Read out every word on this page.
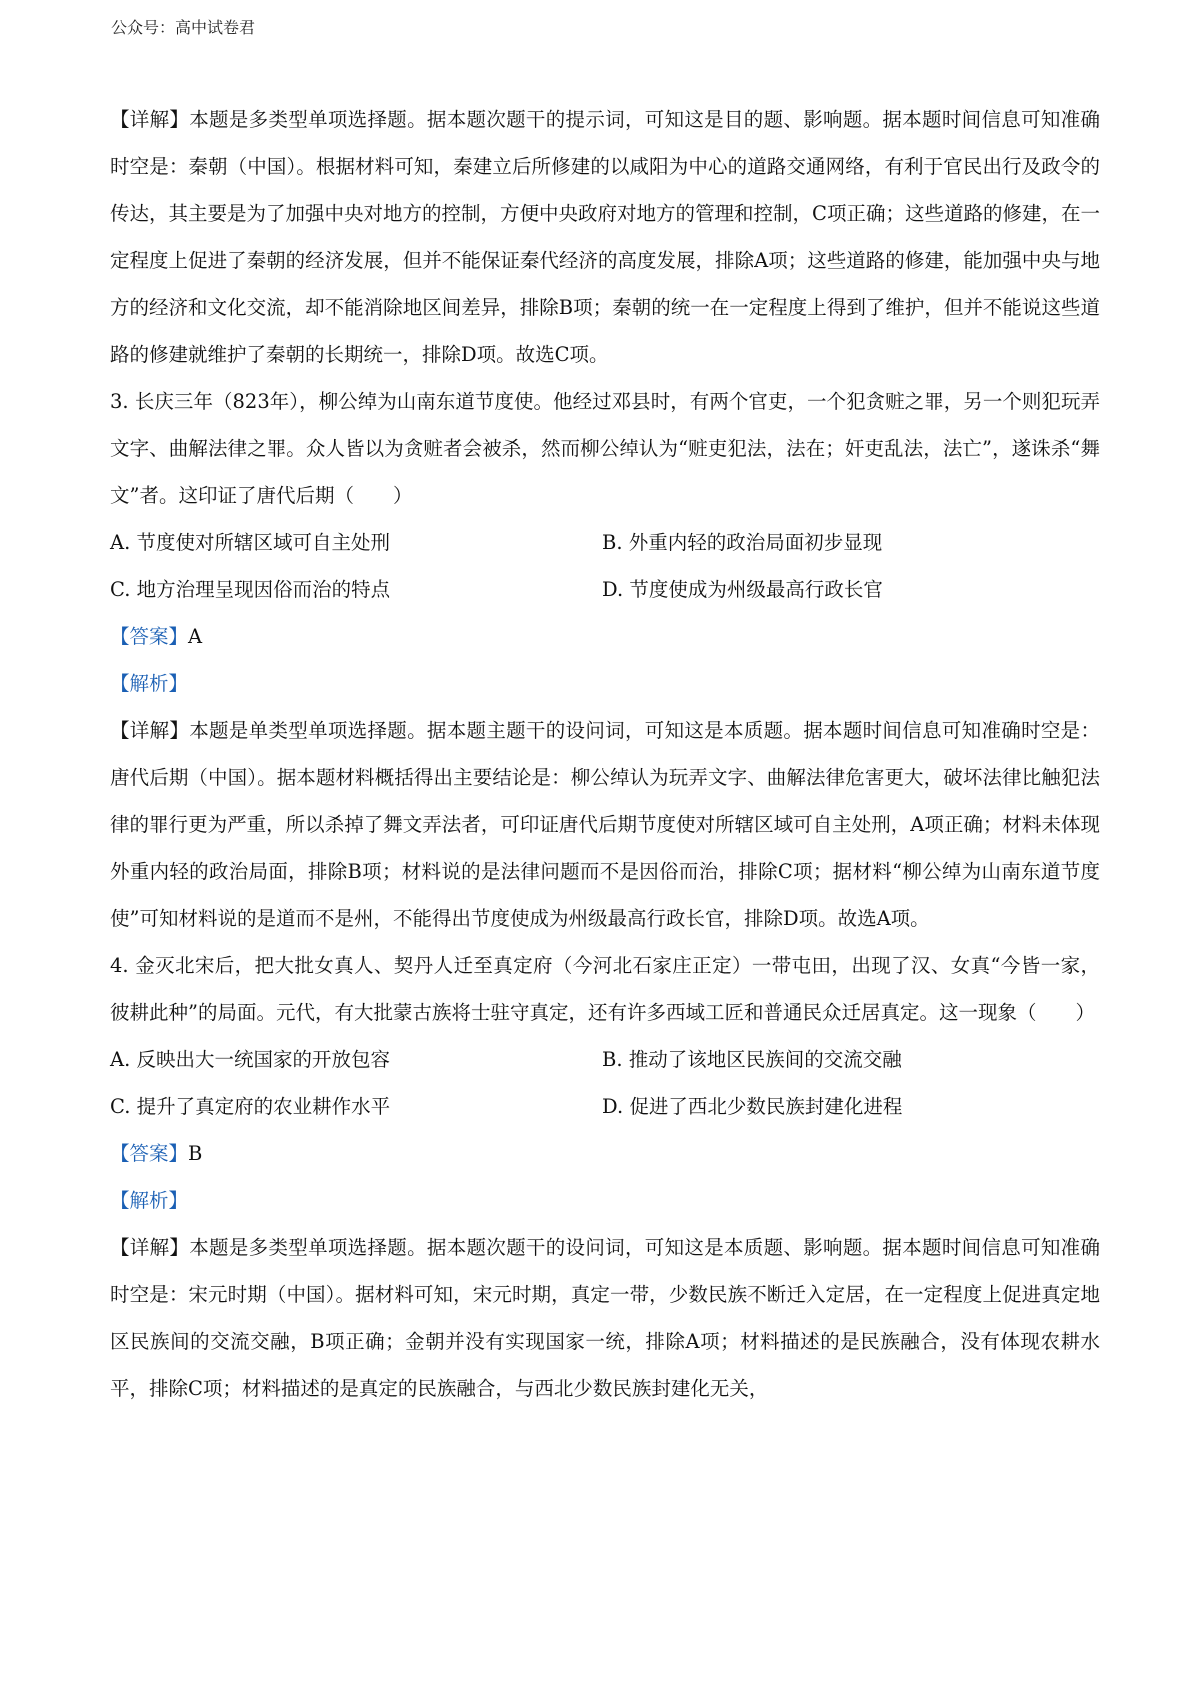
公众号：高中试卷君

【详解】本题是多类型单项选择题。据本题次题干的提示词，可知这是目的题、影响题。据本题时间信息可知准确时空是：秦朝（中国）。根据材料可知，秦建立后所修建的以咸阳为中心的道路交通网络，有利于官民出行及政令的传达，其主要是为了加强中央对地方的控制，方便中央政府对地方的管理和控制，C项正确；这些道路的修建，在一定程度上促进了秦朝的经济发展，但并不能保证秦代经济的高度发展，排除A项；这些道路的修建，能加强中央与地方的经济和文化交流，却不能消除地区间差异，排除B项；秦朝的统一在一定程度上得到了维护，但并不能说这些道路的修建就维护了秦朝的长期统一，排除D项。故选C项。

3. 长庆三年（823年），柳公绰为山南东道节度使。他经过邓县时，有两个官吏，一个犯贪赃之罪，另一个则犯玩弄文字、曲解法律之罪。众人皆以为贪赃者会被杀，然而柳公绰认为“赃吏犯法，法在；奸吏乱法，法亡”，遂诛杀“舞文”者。这印证了唐代后期（　　）

A. 节度使对所辖区域可自主处刑	B. 外重内轻的政治局面初步显现
C. 地方治理呈现因俗而治的特点	D. 节度使成为州级最高行政长官

【答案】A

【解析】

【详解】本题是单类型单项选择题。据本题主题干的设问词，可知这是本质题。据本题时间信息可知准确时空是：唐代后期（中国）。据本题材料概括得出主要结论是：柳公绰认为玩弄文字、曲解法律危害更大，破坏法律比触犯法律的罪行更为严重，所以杀掉了舞文弄法者，可印证唐代后期节度使对所辖区域可自主处刑，A项正确；材料未体现外重内轻的政治局面，排除B项；材料说的是法律问题而不是因俗而治，排除C项；据材料“柳公绰为山南东道节度使”可知材料说的是道而不是州，不能得出节度使成为州级最高行政长官，排除D项。故选A项。

4. 金灭北宋后，把大批女真人、契丹人迁至真定府（今河北石家庄正定）一带屯田，出现了汉、女真“今皆一家，彼耕此种”的局面。元代，有大批蒙古族将士驻守真定，还有许多西域工匠和普通民众迁居真定。这一现象（　　）

A. 反映出大一统国家的开放包容	B. 推动了该地区民族间的交流交融
C. 提升了真定府的农业耕作水平	D. 促进了西北少数民族封建化进程

【答案】B

【解析】

【详解】本题是多类型单项选择题。据本题次题干的设问词，可知这是本质题、影响题。据本题时间信息可知准确时空是：宋元时期（中国）。据材料可知，宋元时期，真定一带，少数民族不断迁入定居，在一定程度上促进真定地区民族间的交流交融，B项正确；金朝并没有实现国家一统，排除A项；材料描述的是民族融合，没有体现农耕水平，排除C项；材料描述的是真定的民族融合，与西北少数民族封建化无关，
